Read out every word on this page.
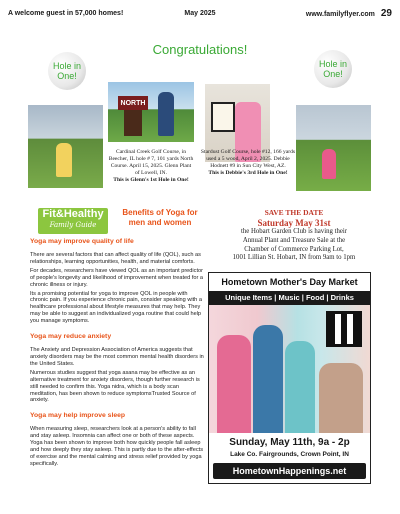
A welcome guest in 57,000 homes!	May 2025	www.familyflyer.com 29
Congratulations!
Hole in One!
Hole in One!
NORTH
Cardinal Creek Golf Course, in Beecher, IL hole # 7, 101 yards North Course. April 15, 2025. Glenn Plant of Lowell, IN.
This is Glenn's 1st Hole in One!
Stardust Golf Course, hole #12, 166 yards used a 5 wood, April 2, 2025. Debbie Hodnett #9 in Sun City West, AZ.
This is Debbie's 3rd Hole in One!
Fit&Healthy
Family Guide
Benefits of Yoga for men and women
Yoga may improve quality of life

There are several factors that can affect quality of life (QOL), such as relationships, learning opportunities, health, and material comforts.

For decades, researchers have viewed QOL as an important predictor of people's longevity and likelihood of improvement when treated for a chronic illness or injury.

Its a promising potential for yoga to improve QOL in people with chronic pain. If you experience chronic pain, consider speaking with a healthcare professional about lifestyle measures that may help. They may be able to suggest an individualized yoga routine that could help you manage symptoms.

Yoga may reduce anxiety

The Anxiety and Depression Association of America suggests that anxiety disorders may be the most common mental health disorders in the United States.

Numerous studies suggest that yoga asana may be effective as an alternative treatment for anxiety disorders, though further research is still needed to confirm this. Yoga nidra, which is a body scan meditation, has been shown to reduce symptomsTrusted Source of anxiety.

Yoga may help improve sleep

When measuring sleep, researchers look at a person's ability to fall and stay asleep. Insomnia can affect one or both of these aspects. Yoga has been shown to improve both how quickly people fall asleep and how deeply they stay asleep. This is partly due to the after-effects of exercise and the mental calming and stress relief provided by yoga specifically.

SAVE THE DATE
Saturday May 31st
the Hobart Garden Club is having their
Annual Plant and Treasure Sale at the
Chamber of Commerce Parking Lot,
1001 Lillian St. Hobart, IN from 9am to 1pm
Hometown Mother's Day Market
Unique Items | Music | Food | Drinks
Sunday, May 11th, 9a - 2p
Lake Co. Fairgrounds, Crown Point, IN
HometownHappenings.net
